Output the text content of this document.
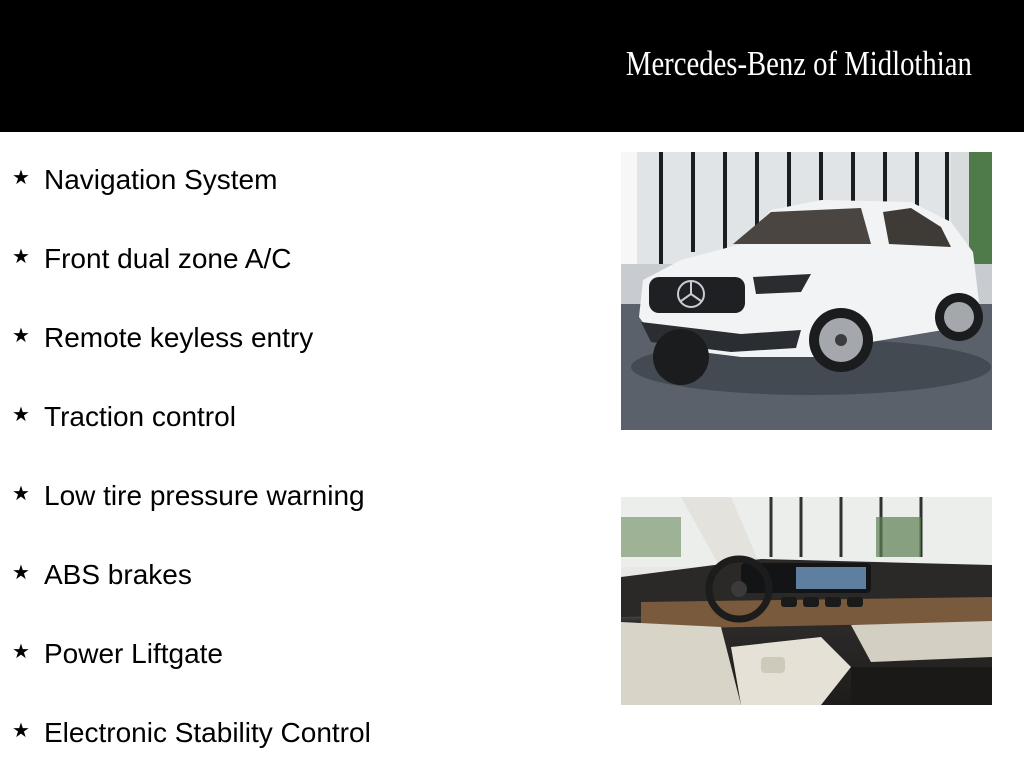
Mercedes-Benz of Midlothian
★ Navigation System
★ Front dual zone A/C
★ Remote keyless entry
★ Traction control
★ Low tire pressure warning
★ ABS brakes
★ Power Liftgate
★ Electronic Stability Control
